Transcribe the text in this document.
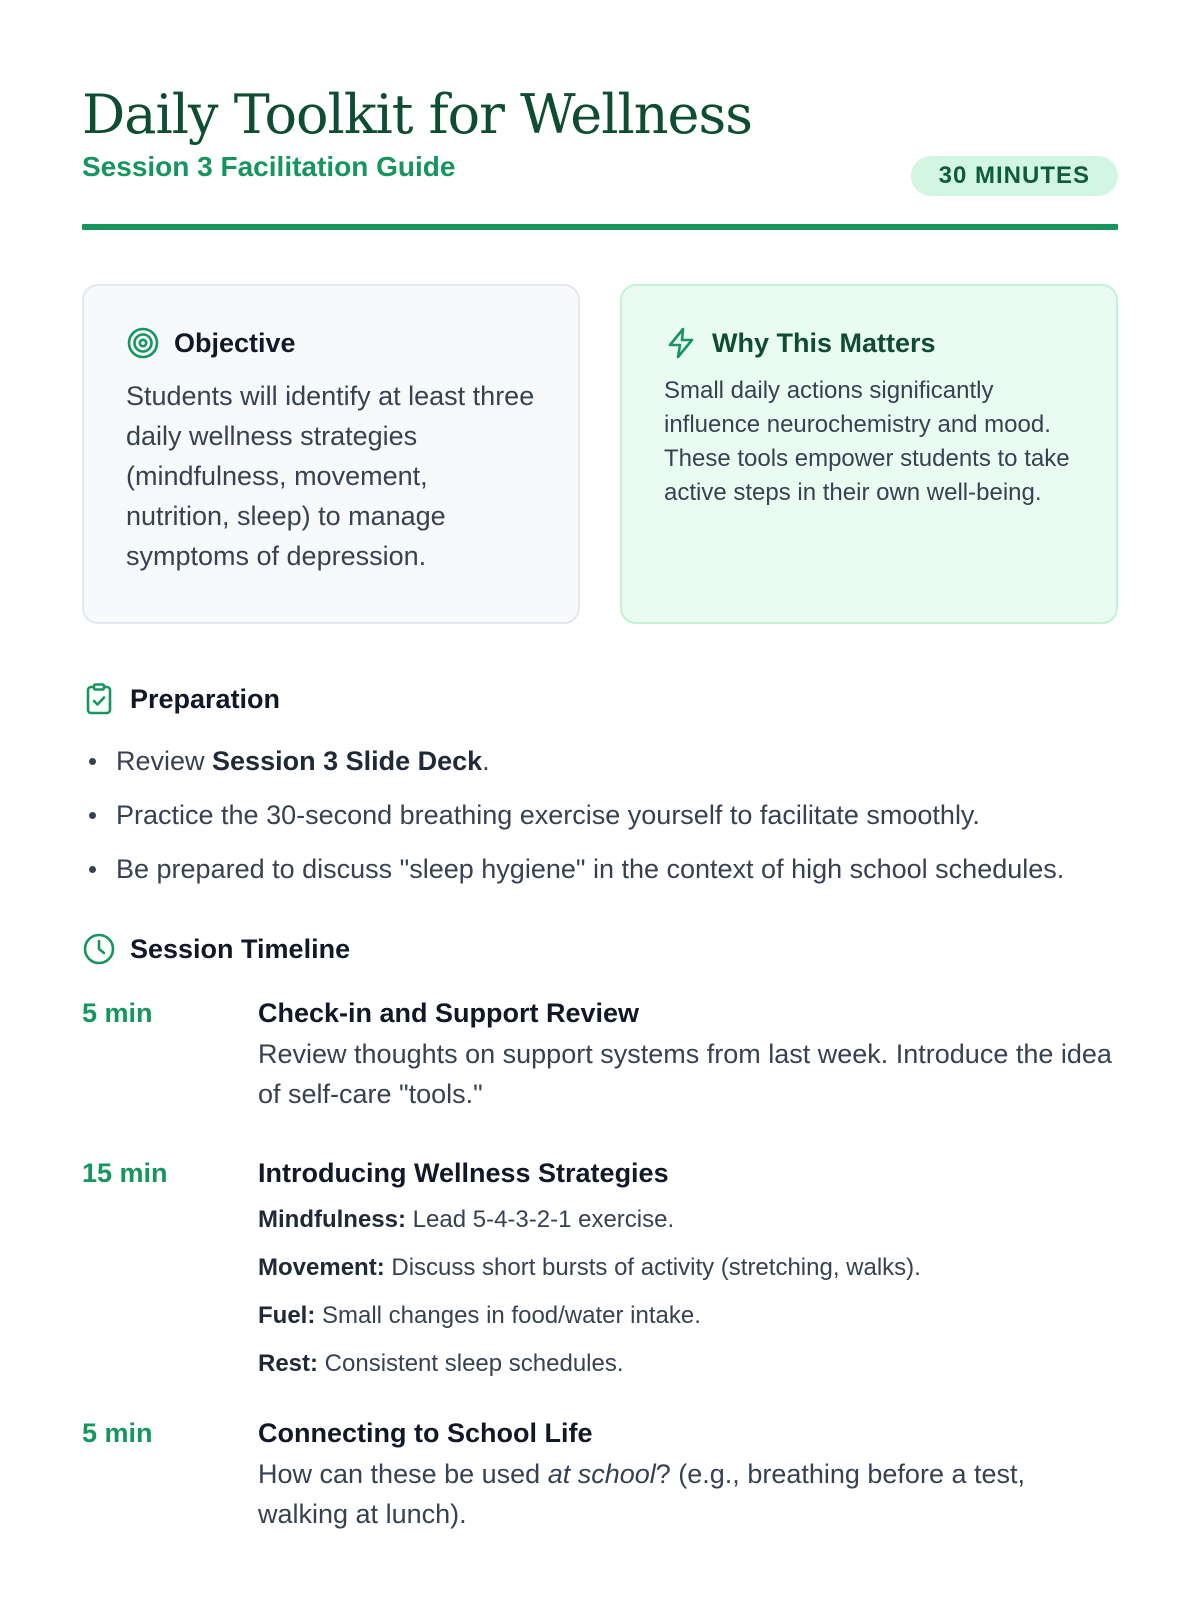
Daily Toolkit for Wellness
Session 3 Facilitation Guide	30 MINUTES
Objective

Students will identify at least three daily wellness strategies (mindfulness, movement, nutrition, sleep) to manage symptoms of depression.

Why This Matters

Small daily actions significantly influence neurochemistry and mood. These tools empower students to take active steps in their own well-being.

Preparation
Review Session 3 Slide Deck.
Practice the 30-second breathing exercise yourself to facilitate smoothly.
Be prepared to discuss "sleep hygiene" in the context of high school schedules.
Session Timeline
5 min	Check-in and Support Review
Review thoughts on support systems from last week. Introduce the idea of self-care "tools."
15 min	Introducing Wellness Strategies
Mindfulness: Lead 5-4-3-2-1 exercise.
Movement: Discuss short bursts of activity (stretching, walks).
Fuel: Small changes in food/water intake.
Rest: Consistent sleep schedules.
5 min	Connecting to School Life
How can these be used at school? (e.g., breathing before a test, walking at lunch).
